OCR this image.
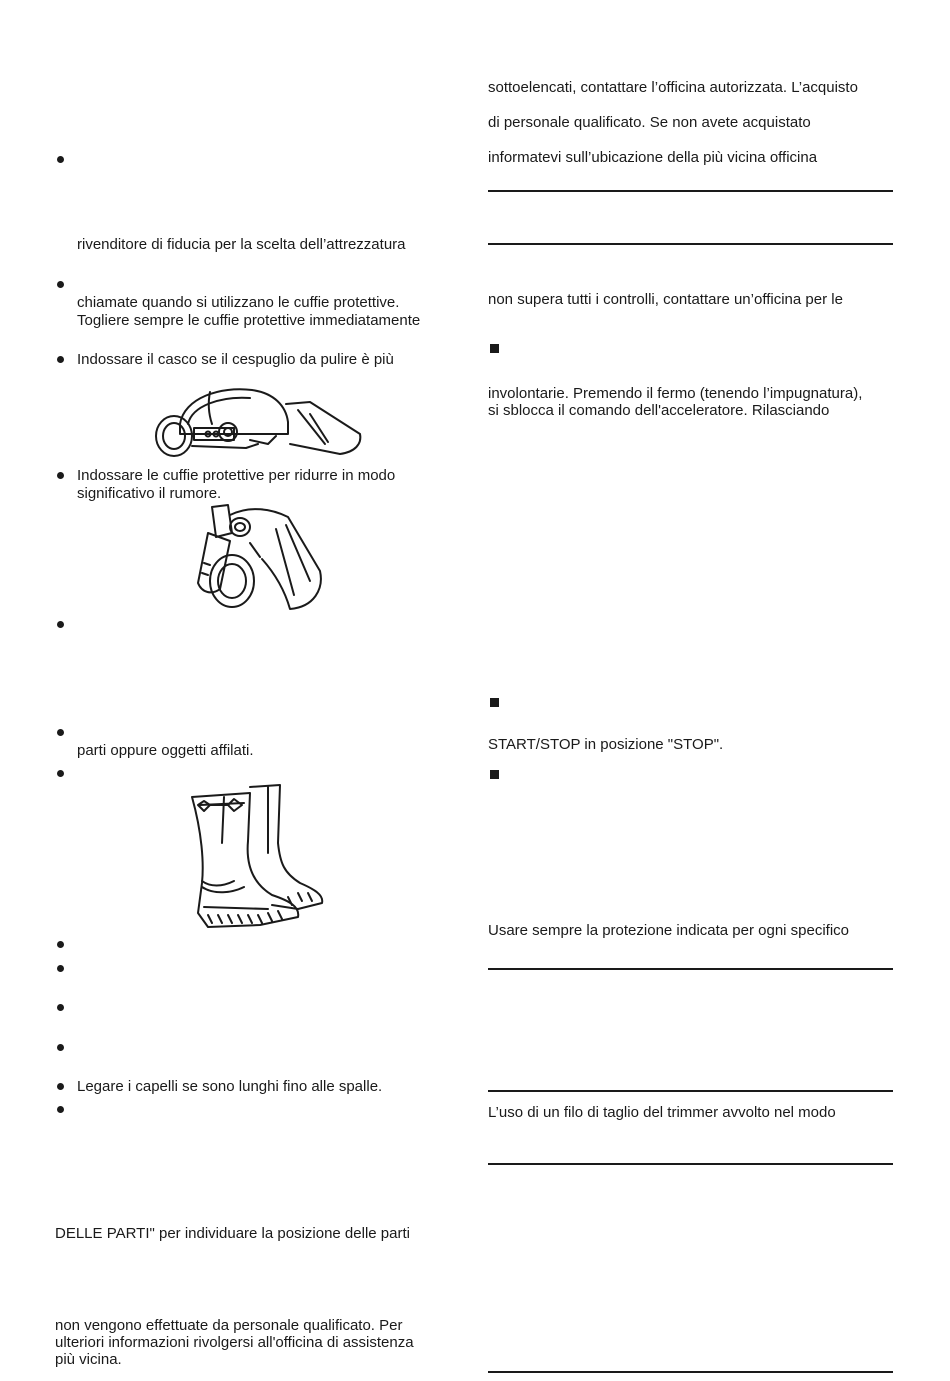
rivenditore di fiducia per la scelta dell’attrezzatura
chiamate quando si utilizzano le cuffie protettive.
Togliere sempre le cuffie protettive immediatamente
Indossare il casco se il cespuglio da pulire è più
Indossare le cuffie protettive per ridurre in modo
significativo il rumore.
parti oppure oggetti affilati.
Legare i capelli se sono lunghi fino alle spalle.
DELLE PARTI" per individuare la posizione delle parti
non vengono effettuate da personale qualificato. Per
ulteriori informazioni rivolgersi all'officina di assistenza
più vicina.
sottoelencati, contattare l’officina autorizzata. L’acquisto
di personale qualificato. Se non avete acquistato
informatevi sull’ubicazione della più vicina officina
non supera tutti i controlli, contattare un’officina per le
involontarie. Premendo il fermo (tenendo l’impugnatura),
si sblocca il comando dell'acceleratore. Rilasciando
START/STOP in posizione "STOP".
Usare sempre la protezione indicata per ogni specifico
L’uso di un filo di taglio del trimmer avvolto nel modo
